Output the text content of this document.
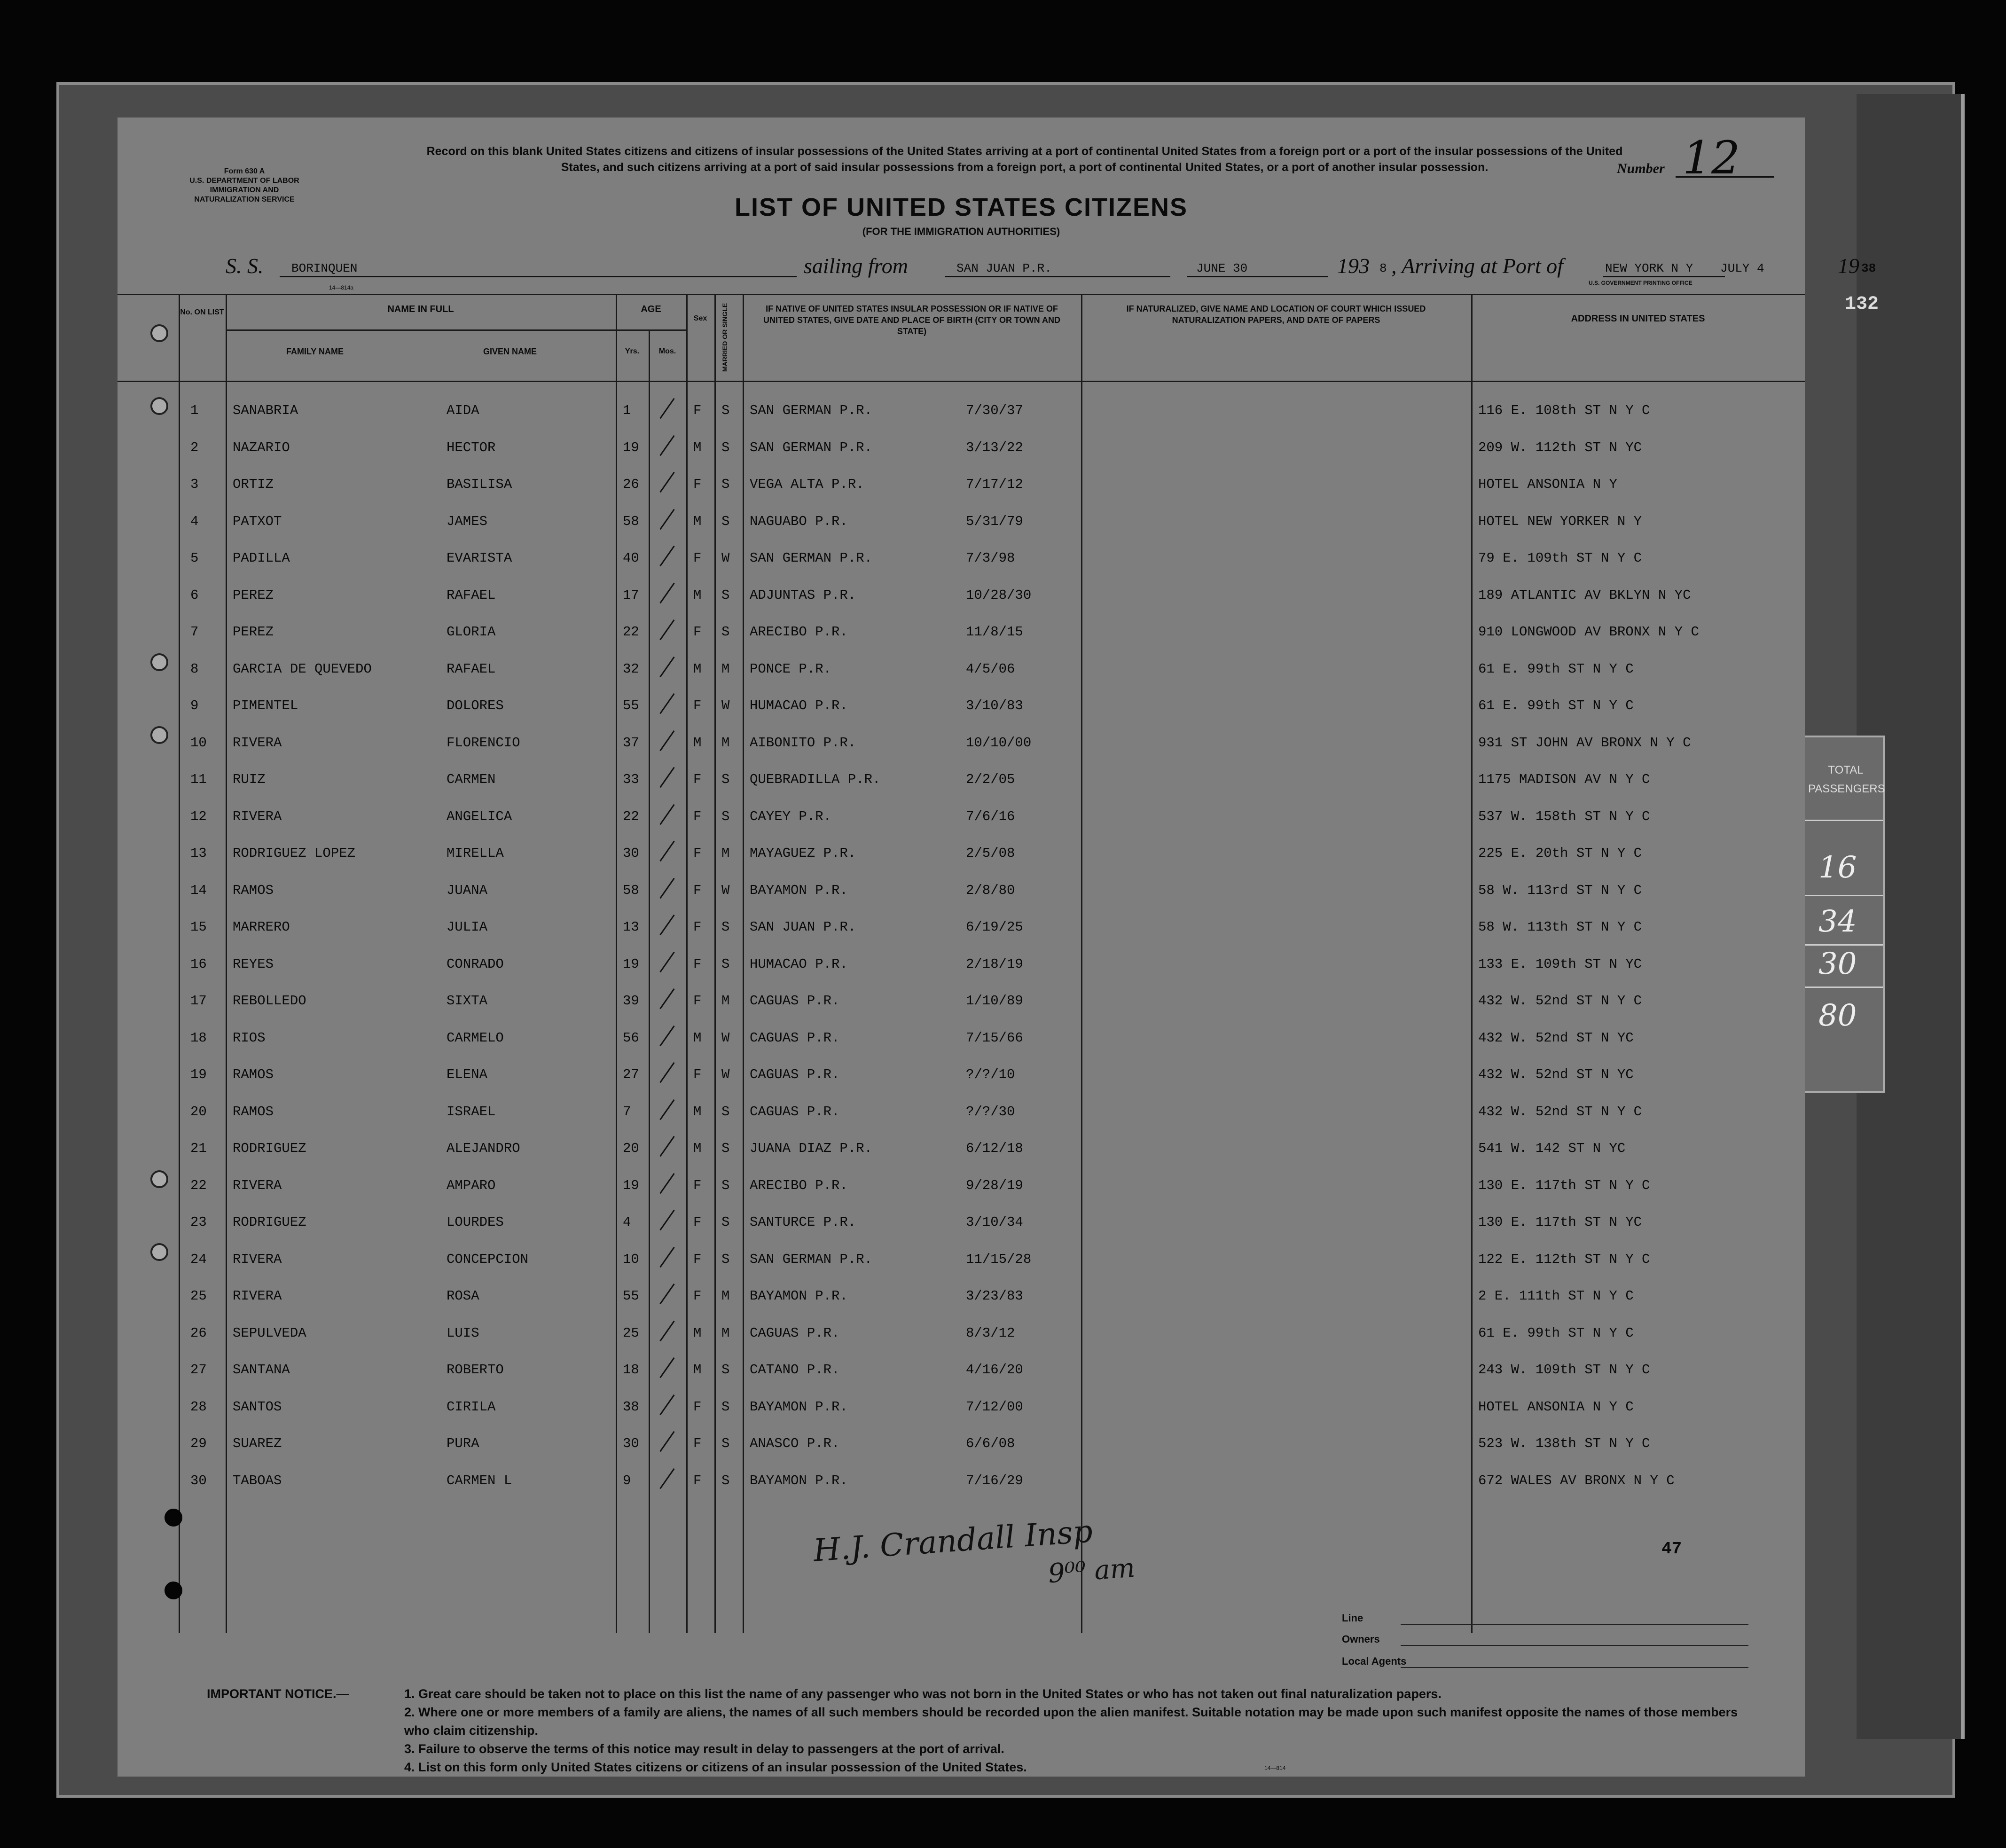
TOTAL PASSENGERS
16
34
30
80
132
Form 630 A
U.S. DEPARTMENT OF LABOR
IMMIGRATION AND
NATURALIZATION SERVICE
Record on this blank United States citizens and citizens of insular possessions of the United States arriving at a port of continental United States from a foreign port or a port of the insular possessions of the United States, and such citizens arriving at a port of said insular possessions from a foreign port, a port of continental United States, or a port of another insular possession.	Number 12
LIST OF UNITED STATES CITIZENS
(FOR THE IMMIGRATION AUTHORITIES)
S. S. BORINQUEN	sailing from	SAN JUAN P.R.	JUNE 30	193 8 , Arriving at Port of	NEW YORK N Y JULY 4	19 38
14—814a
U.S. GOVERNMENT PRINTING OFFICE
No. ON LIST	NAME IN FULL
FAMILY NAME	GIVEN NAME
AGE
Yrs.	Mos.
Sex	MARRIED OR SINGLE	IF NATIVE OF UNITED STATES INSULAR POSSESSION OR IF NATIVE OF UNITED STATES, GIVE DATE AND PLACE OF BIRTH (CITY OR TOWN AND STATE)
IF NATURALIZED, GIVE NAME AND LOCATION OF COURT WHICH ISSUED NATURALIZATION PAPERS, AND DATE OF PAPERS	ADDRESS IN UNITED STATES
1	SANABRIA	AIDA	1	F S SAN GERMAN P.R.	7/30/37	116 E. 108th ST N Y C
2	NAZARIO	HECTOR	19	M S SAN GERMAN P.R.	3/13/22	209 W. 112th ST N YC
3	ORTIZ	BASILISA	26	F S VEGA ALTA P.R.	7/17/12	HOTEL ANSONIA N Y
4	PATXOT	JAMES	58	M S NAGUABO P.R.	5/31/79	HOTEL NEW YORKER N Y
5	PADILLA	EVARISTA	40	F W SAN GERMAN P.R.	7/3/98	79 E. 109th ST N Y C
6	PEREZ	RAFAEL	17	M S ADJUNTAS P.R.	10/28/30	189 ATLANTIC AV BKLYN N YC
7	PEREZ	GLORIA	22	F S ARECIBO P.R.	11/8/15	910 LONGWOOD AV BRONX N Y C
8	GARCIA DE QUEVEDO	RAFAEL	32	M M PONCE P.R.	4/5/06	61 E. 99th ST N Y C
9	PIMENTEL	DOLORES	55	F W HUMACAO P.R.	3/10/83	61 E. 99th ST N Y C
10 RIVERA	FLORENCIO	37	M M AIBONITO P.R.	10/10/00	931 ST JOHN AV BRONX N Y C
11 RUIZ	CARMEN	33	F S QUEBRADILLA P.R.	2/2/05	1175 MADISON AV N Y C
12 RIVERA	ANGELICA	22	F S CAYEY P.R.	7/6/16	537 W. 158th ST N Y C
13 RODRIGUEZ LOPEZ	MIRELLA	30	F M MAYAGUEZ P.R.	2/5/08	225 E. 20th ST N Y C
14 RAMOS	JUANA	58	F W BAYAMON P.R.	2/8/80	58 W. 113rd ST N Y C
15 MARRERO	JULIA	13	F S SAN JUAN P.R.	6/19/25	58 W. 113th ST N Y C
16 REYES	CONRADO	19	F S HUMACAO P.R.	2/18/19	133 E. 109th ST N YC
17 REBOLLEDO	SIXTA	39	F M CAGUAS P.R.	1/10/89	432 W. 52nd ST N Y C
18 RIOS	CARMELO	56	M W CAGUAS P.R.	7/15/66	432 W. 52nd ST N YC
19 RAMOS	ELENA	27	F W CAGUAS P.R.	?/?/10	432 W. 52nd ST N YC
20 RAMOS	ISRAEL	7	M S CAGUAS P.R.	?/?/30	432 W. 52nd ST N Y C
21 RODRIGUEZ	ALEJANDRO	20	M S JUANA DIAZ P.R.	6/12/18	541 W. 142 ST N YC
22 RIVERA	AMPARO	19	F S ARECIBO P.R.	9/28/19	130 E. 117th ST N Y C
23 RODRIGUEZ	LOURDES	4	F S SANTURCE P.R.	3/10/34	130 E. 117th ST N YC
24 RIVERA	CONCEPCION	10	F S SAN GERMAN P.R.	11/15/28	122 E. 112th ST N Y C
25 RIVERA	ROSA	55	F M BAYAMON P.R.	3/23/83	2 E. 111th ST N Y C
26 SEPULVEDA	LUIS	25	M M CAGUAS P.R.	8/3/12	61 E. 99th ST N Y C
27 SANTANA	ROBERTO	18	M S CATANO P.R.	4/16/20	243 W. 109th ST N Y C
28 SANTOS	CIRILA	38	F S BAYAMON P.R.	7/12/00	HOTEL ANSONIA N Y C
29 SUAREZ	PURA	30	F S ANASCO P.R.	6/6/08	523 W. 138th ST N Y C
30 TABOAS	CARMEN L	9	F S BAYAMON P.R.	7/16/29	672 WALES AV BRONX N Y C
H.J. Crandall Insp
9⁰⁰ am
47
Line
Owners
Local Agents
IMPORTANT NOTICE.—	1. Great care should be taken not to place on this list the name of any passenger who was not born in the United States or who has not taken out final naturalization papers.
2. Where one or more members of a family are aliens, the names of all such members should be recorded upon the alien manifest. Suitable notation may be made upon such manifest opposite the names of those members who claim citizenship.
3. Failure to observe the terms of this notice may result in delay to passengers at the port of arrival.
4. List on this form only United States citizens or citizens of an insular possession of the United States.	14—814
